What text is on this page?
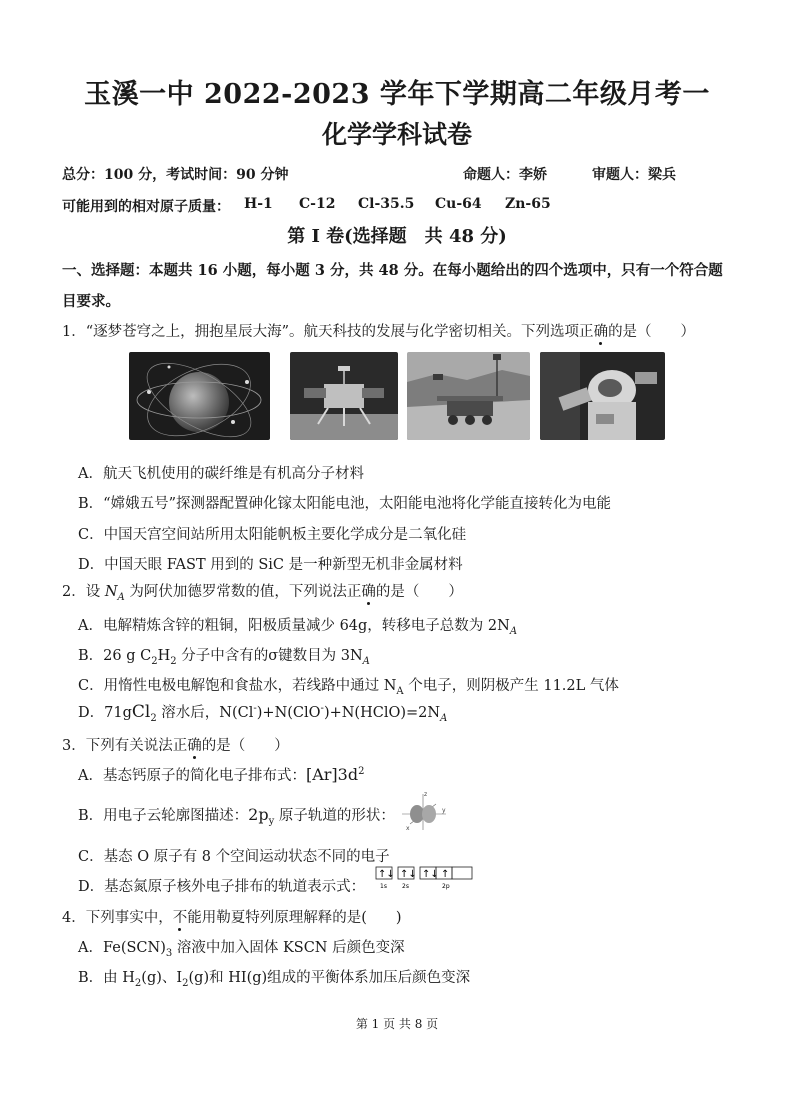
玉溪一中 2022-2023 学年下学期高二年级月考一
化学学科试卷
总分：100 分，考试时间：90 分钟	命题人：李娇	审题人：梁兵
可能用到的相对原子质量： H-1 C-12 Cl-35.5 Cu-64 Zn-65
第 I 卷(选择题　共 48 分)
一、选择题：本题共 16 小题，每小题 3 分，共 48 分。在每小题给出的四个选项中，只有一个符合题
目要求。
1．“逐梦苍穹之上，拥抱星辰大海”。航天科技的发展与化学密切相关。下列选项正确的是（　　）
A．航天飞机使用的碳纤维是有机高分子材料
B．“嫦娥五号”探测器配置砷化镓太阳能电池，太阳能电池将化学能直接转化为电能
C．中国天宫空间站所用太阳能帆板主要化学成分是二氧化硅
D．中国天眼 FAST 用到的 SiC 是一种新型无机非金属材料
2．设 $N_A$ 为阿伏加德罗常数的值，下列说法正确的是（　　）
A．电解精炼含锌的粗铜，阳极质量减少 64g，转移电子总数为 $2N_A$
B．26 g $C_2H_2$ 分子中含有的σ键数目为 $3N_A$
C．用惰性电极电解饱和食盐水，若线路中通过 $N_A$ 个电子，则阴极产生 11.2L 气体
D．71gCl$_2$ 溶水后，$N(Cl^-)+N(ClO^-)+N(HClO)=2N_A$
3．下列有关说法正确的是（　　）
A．基态钙原子的简化电子排布式：$[Ar]3d^2$
B．用电子云轮廓图描述：$2p_y$ 原子轨道的形状：
z
y
x
C．基态 O 原子有 8 个空间运动状态不同的电子
D．基态氮原子核外电子排布的轨道表示式：
↑↓ ↑↓ ↑↓ ↑
1s	2s	2p
4．下列事实中，不能用勒夏特列原理解释的是(　　)
A．$Fe(SCN)_3$ 溶液中加入固体 KSCN 后颜色变深
B．由 $H_2(g)$、$I_2(g)$和 HI(g)组成的平衡体系加压后颜色变深
第 1 页 共 8 页
